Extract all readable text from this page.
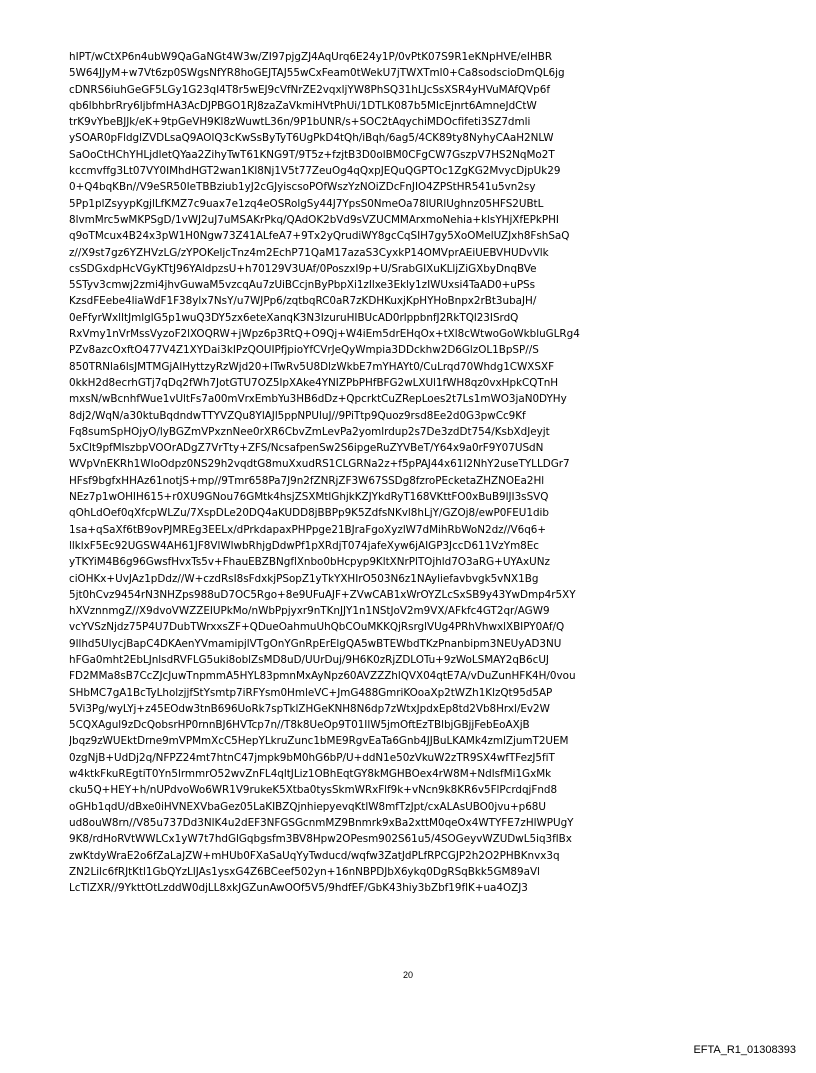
hIPT/wCtXP6n4ubW9QaGaNGt4W3w/ZI97pjgZJ4AqUrq6E24y1P/0vPtK07S9R1eKNpHVE/eIHBR
5W64JJyM+w7Vt6zp0SWgsNfYR8hoGEJTAJ55wCxFeam0tWekU7jTWXTml0+Ca8sodscioDmQL6jg
cDNRS6iuhGeGF5LGy1G23qI4T8r5wEJ9cVfNrZE2vqxljYW8PhSQ31hLJcSsXSR4yHVuMAfQVp6f
qb6lbhbrRry6ljbfmHA3AcDJPBGO1RJ8zaZaVkmiHVtPhUi/1DTLK087b5MlcEjnrt6AmneJdCtW
trK9vYbeBJJk/eK+9tpGeVH9Kl8zWuwtL36n/9P1bUNR/s+SOC2tAqychiMDOcfifeti3SZ7dmli
ySOAR0pFldglZVDLsaQ9AOlQ3cKwSsByTyT6UgPkD4tQh/iBqh/6ag5/4CK89ty8NyhyCAaH2NLW
SaOoCtHChYHLjdletQYaa2ZihyTwT61KNG9T/9T5z+fzjtB3D0olBM0CFgCW7GszpV7HS2NqMo2T
kccmvffg3Lt07VY0IMhdHGT2wan1Kl8Nj1V5t77ZeuOg4qQxpJEQuQGPTOc1ZgKG2MvycDjpUk29
0+Q4bqKBn//V9eSR50IeTBBziub1yJ2cGJyiscsoPOfWszYzNOiZDcFnJIO4ZPStHR541u5vn2sy
5Pp1plZsyypKgjlLfKMZ7c9uax7e1zq4eOSRolgSy44J7YpsS0NmeOa78lURlUghnz05HFS2UBtL
8lvmMrc5wMKPSgD/1vWJ2uJ7uMSAKrPkq/QAdOK2bVd9sVZUCMMArxmoNehia+klsYHjXfEPkPHI
q9oTMcux4B24x3pW1H0Ngw73Z41ALfeA7+9Tx2yQrudiWY8gcCqSIH7gy5XoOMelUZJxh8FshSaQ
z//X9st7gz6YZHVzLG/zYPOKeljcTnz4m2EchP71QaM17azaS3CyxkP14OMVprAEiUEBVHUDvVlk
csSDGxdpHcVGyKTtJ96YAldpzsU+h70129V3UAf/0PoszxI9p+U/SrabGIXuKLljZiGXbyDnqBVe
5STyv3cmwj2zmi4jhvGuwaM5vzcqAu7zUiBCcjnByPbpXi1zIlxe3Ekly1zIWUxsi4TaAD0+uPSs
KzsdFEebe4liaWdF1F38ylx7NsY/u7WJPp6/zqtbqRC0aR7zKDHKuxjKpHYHoBnpx2rBt3ubaJH/
0eFfyrWxlItJmlglG5p1wuQ3DY5zx6eteXanqK3N3IzuruHIBUcAD0rlppbnfJ2RkTQl23ISrdQ
RxVmy1nVrMssVyzoF2lXOQRW+jWpz6p3RtQ+O9Qj+W4iEm5drEHqOx+tXl8cWtwoGoWkbluGLRg4
PZv8azcOxftO477V4Z1XYDai3kIPzQOUIPfjpioYfCVrJeQyWmpia3DDckhw2D6GlzOL1BpSP//S
850TRNla6lsJMTMGjAlHyttzyRzWjd20+lTwRv5U8DlzWkbE7mYHAYt0/CuLrqd70Whdg1CWXSXF
0kkH2d8ecrhGTj7qDq2fWh7JotGTU7OZ5lpXAke4YNIZPbPHfBFG2wLXUl1fWH8qz0vxHpkCQTnH
mxsN/wBcnhfWue1vUltFs7a00mVrxEmbYu3HB6dDz+QpcrktCuZRepLoes2t7Ls1mWO3jaN0DYHy
8dj2/WqN/a30ktuBqdndwTTYVZQu8YlAJl5ppNPUluJ//9PiTtp9Quoz9rsd8Ee2d0G3pwCc9Kf
Fq8sumSpHOjyO/lyBGZmVPxznNee0rXR6CbvZmLevPa2yomlrdup2s7De3zdDt754/KsbXdJeyjt
5xClt9pfMlszbpVOOrADgZ7VrTty+ZFS/NcsafpenSw2S6ipgeRuZYVBeT/Y64x9a0rF9Y07USdN
WVpVnEKRh1WIoOdpz0NS29h2vqdtG8muXxudRS1CLGRNa2z+f5pPAJ44x61I2NhY2useTYLLDGr7
HFsf9bgfxHHAz61notjS+mp//9Tmr658Pa7J9n2fZNRjZF3W67SSDg8fzroPEcketaZHZNOEa2Hl
NEz7p1wOHIH615+r0XU9GNou76GMtk4hsjZSXMtlGhjkKZJYkdRyT168VKttFO0xBuB9lJI3sSVQ
qOhLdOef0qXfcpWLZu/7XspDLe20DQ4aKUDD8jBBPp9K5ZdfsNKvl8hLjY/GZOj8/ewP0FEU1dib
1sa+qSaXf6tB9ovPJMREg3EELx/dPrkdapaxPHPpge21BJraFgoXyzlW7dMihRbWoN2dz//V6q6+
llklxF5Ec92UGSW4AH61JF8VlWlwbRhjgDdwPf1pXRdjT074jafeXyw6jAIGP3JccD611VzYm8Ec
yTKYiM4B6g96GwsfHvxTs5v+FhauEBZBNgflXnbo0bHcpyp9KltXNrPlTOjhld7O3aRG+UYAxUNz
ciOHKx+UvJAz1pDdz//W+czdRsI8sFdxkjPSopZ1yTkYXHIrO503N6z1NAyliefavbvgk5vNX1Bg
5jt0hCvz9454rN3NHZps988uD7OC5Rgo+8e9UFuAJF+ZVwCAB1xWrOYZLcSxSB9y43YwDmp4r5XY
hXVznnmgZ//X9dvoVWZZEIUPkMo/nWbPpjyxr9nTKnJJY1n1NStJoV2m9VX/AFkfc4GT2qr/AGW9
vcYVSzNjdz75P4U7DubTWrxxsZF+QDueOahmuUhQbCOuMKKQjRsrglVUg4PRhVhwxlXBIPY0Af/Q
9llhd5UlycjBapC4DKAenYVmamipjlVTgOnYGnRpErElgQA5wBTEWbdTKzPnanbipm3NEUyAD3NU
hFGa0mht2EbLJnlsdRVFLG5uki8oblZsMD8uD/UUrDuj/9H6K0zRjZDLOTu+9zWoLSMAY2qB6cUJ
FD2MMa8sB7CcZJcJuwTnpmmA5HYL83pmnMxAyNpz60AVZZZhlQVX04qtE7A/vDuZunHFK4H/0vou
SHbMC7gA1BcTyLholzjjfStYsmtp7iRFYsm0HmleVC+JmG488GmriKOoaXp2tWZh1KlzQt95d5AP
5Vi3Pg/wyLYj+z45EOdw3tnB696UoRk7spTklZHGeKNH8N6dp7zWtxJpdxEp8td2Vb8Hrxl/Ev2W
5CQXAgul9zDcQobsrHP0rnnBJ6HVTcp7n//T8k8UeOp9T01IlW5jmOftEzTBlbjGBjjFebEoAXjB
Jbqz9zWUEktDrne9mVPMmXcC5HepYLkruZunc1bME9RgvEaTa6Gnb4JJBuLKAMk4zmlZjumT2UEM
0zgNjB+UdDj2q/NFPZ24mt7htnC47jmpk9bM0hG6bP/U+ddN1e50zVkuW2zTR9SX4wfTFezJ5fiT
w4ktkFkuREgtiT0Yn5lrmmrO52wvZnFL4qltJLiz1OBhEqtGY8kMGHBOex4rW8M+NdlsfMi1GxMk
cku5Q+HEY+h/nUPdvoWo6WR1V9rukeK5Xtba0tysSkmWRxFlf9k+vNcn9k8KR6v5FlPcrdqjFnd8
oGHb1qdU/dBxe0iHVNEXVbaGez05LaKIBZQjnhiepyevqKtlW8mfTzJpt/cxALAsUBO0jvu+p68U
ud8ouW8rn//V85u737Dd3NlK4u2dEF3NFGSGcnmMZ9Bnmrk9xBa2xttM0qeOx4WTYFE7zHlWPUgY
9K8/rdHoRVtWWLCx1yW7t7hdGlGqbgsfm3BV8Hpw2OPesm902S61u5/4SOGeyvWZUDwL5iq3flBx
zwKtdyWraE2o6fZaLaJZW+mHUb0FXaSaUqYyTwducd/wqfw3ZatJdPLfRPCGJP2h2O2PHBKnvx3q
ZN2Lilc6fRJtKtl1GbQYzLIJAs1ysxG4Z6BCeef502yn+16nNBPDJbX6ykq0DgRSqBkk5GM89aVl
LcTlZXR//9YkttOtLzddW0djLL8xkJGZunAwOOf5V5/9hdfEF/GbK43hiy3bZbf19flK+ua4OZJ3
20
EFTA_R1_01308393
